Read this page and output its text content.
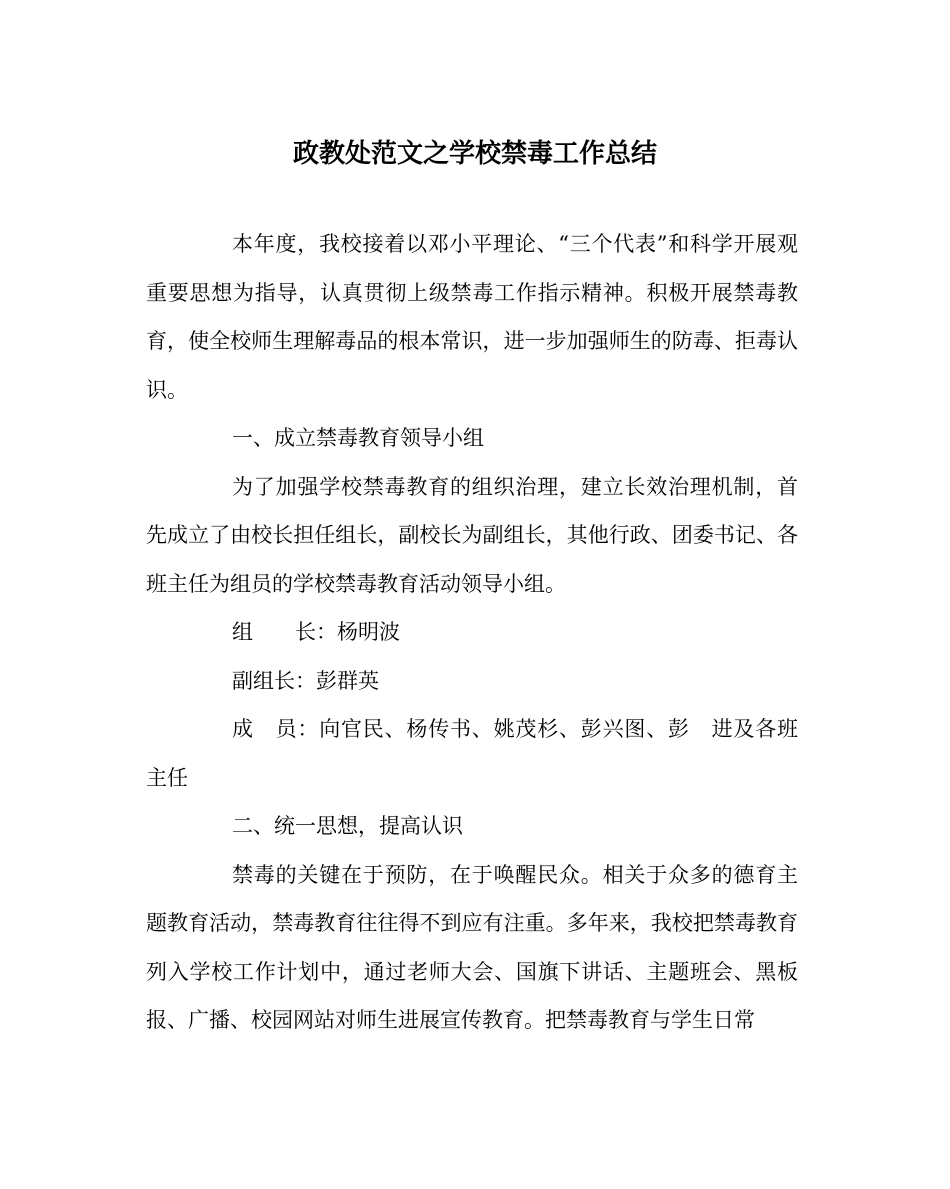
政教处范文之学校禁毒工作总结

本年度，我校接着以邓小平理论、“三个代表”和科学开展观重要思想为指导，认真贯彻上级禁毒工作指示精神。积极开展禁毒教育，使全校师生理解毒品的根本常识，进一步加强师生的防毒、拒毒认识。

一、成立禁毒教育领导小组

为了加强学校禁毒教育的组织治理，建立长效治理机制，首先成立了由校长担任组长，副校长为副组长，其他行政、团委书记、各班主任为组员的学校禁毒教育活动领导小组。

组　　长：杨明波

副组长：彭群英

成　员：向官民、杨传书、姚茂杉、彭兴图、彭　进及各班主任

二、统一思想，提高认识

禁毒的关键在于预防，在于唤醒民众。相关于众多的德育主题教育活动，禁毒教育往往得不到应有注重。多年来，我校把禁毒教育列入学校工作计划中，通过老师大会、国旗下讲话、主题班会、黑板报、广播、校园网站对师生进展宣传教育。把禁毒教育与学生日常
